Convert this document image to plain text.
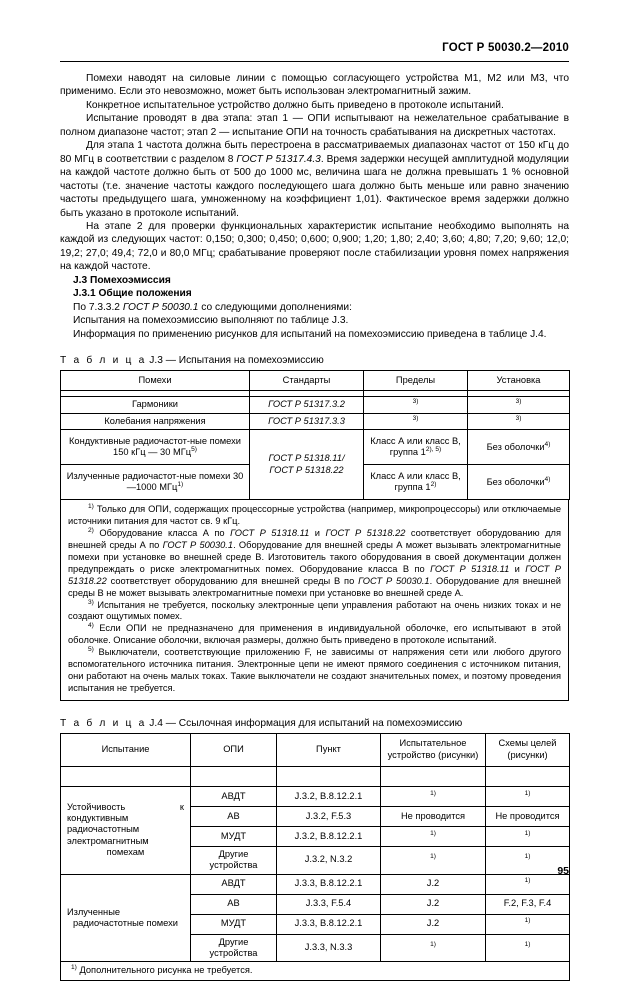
ГОСТ Р 50030.2—2010

Помехи наводят на силовые линии с помощью согласующего устройства М1, М2 или М3, что применимо. Если это невозможно, может быть использован электромагнитный зажим.

Конкретное испытательное устройство должно быть приведено в протоколе испытаний.

Испытание проводят в два этапа: этап 1 — ОПИ испытывают на нежелательное срабатывание в полном диапазоне частот; этап 2 — испытание ОПИ на точность срабатывания на дискретных частотах.

Для этапа 1 частота должна быть перестроена в рассматриваемых диапазонах частот от 150 кГц до 80 МГц в соответствии с разделом 8 ГОСТ Р 51317.4.3. Время задержки несущей амплитудной модуляции на каждой частоте должно быть от 500 до 1000 мс, величина шага не должна превышать 1 % основной частоты (т.е. значение частоты каждого последующего шага должно быть меньше или равно значению частоты предыдущего шага, умноженному на коэффициент 1,01). Фактическое время задержки должно быть указано в протоколе испытаний.

На этапе 2 для проверки функциональных характеристик испытание необходимо выполнять на каждой из следующих частот: 0,150; 0,300; 0,450; 0,600; 0,900; 1,20; 1,80; 2,40; 3,60; 4,80; 7,20; 9,60; 12,0; 19,2; 27,0; 49,4; 72,0 и 80,0 МГц; срабатывание проверяют после стабилизации уровня помех напряжения на каждой частоте.

J.3 Помехоэмиссия

J.3.1 Общие положения

По 7.3.3.2 ГОСТ Р 50030.1 со следующими дополнениями:

Испытания на помехоэмиссию выполняют по таблице J.3.

Информация по применению рисунков для испытаний на помехоэмиссию приведена в таблице J.4.

Т а б л и ц а J.3 — Испытания на помехоэмиссию

Помехи	Стандарты	Пределы	Установка

Гармоники	ГОСТ Р 51317.3.2	$^{3)}$	$^{3)}$
Колебания напряжения	ГОСТ Р 51317.3.3	$^{3)}$	$^{3)}$
Кондуктивные радиочастот-ные помехи 150 кГц — 30 МГц$^{5)}$	ГОСТ Р 51318.11/
ГОСТ Р 51318.22	Класс А или класс В, группа $1^{2), 5)}$	Без оболочки$^{4)}$
Излученные радиочастот-ные помехи 30 —1000 МГц$^{1)}$		Класс А или класс В, группа 1$^{2)}$	Без оболочки$^{4)}$

$^{1)}$ Только для ОПИ, содержащих процессорные устройства (например, микропроцессоры) или отключаемые источники питания для частот св. 9 кГц.

$^{2)}$ Оборудование класса А по ГОСТ Р 51318.11 и ГОСТ Р 51318.22 соответствует оборудованию для внешней среды А по ГОСТ Р 50030.1. Оборудование для внешней среды А может вызывать электромагнитные помехи при установке во внешней среде В. Изготовитель такого оборудования в своей документации должен предупреждать о риске электромагнитных помех. Оборудование класса В по ГОСТ Р 51318.11 и ГОСТ Р 51318.22 соответствует оборудованию для внешней среды В по ГОСТ Р 50030.1. Оборудование для внешней среды В не может вызывать электромагнитные помехи при установке во внешней среде А.

$^{3)}$ Испытания не требуется, поскольку электронные цепи управления работают на очень низких токах и не создают ощутимых помех.

$^{4)}$ Если ОПИ не предназначено для применения в индивидуальной оболочке, его испытывают в этой оболочке. Описание оболочки, включая размеры, должно быть приведено в протоколе испытаний.

$^{5)}$ Выключатели, соответствующие приложению F, не зависимы от напряжения сети или любого другого вспомогательного источника питания. Электронные цепи не имеют прямого соединения с источником питания, они работают на очень малых токах. Такие выключатели не создают значительных помех, и поэтому проведения испытания не требуется.

Т а б л и ц а J.4 — Ссылочная информация для испытаний на помехоэмиссию

Испытание	ОПИ	Пункт	Испытательное
устройство (рисунки)	Схемы целей
(рисунки)

Устойчивость к кондуктивным радиочастотным электромагнитным помехам	АВДТ	J.3.2, B.8.12.2.1	$^{1)}$	$^{1)}$
	АВ	J.3.2, F.5.3	Не проводится	Не проводится
	МУДТ	J.3.2, B.8.12.2.1	$^{1)}$	$^{1)}$
	Другие устройства	J.3.2, N.3.2	$^{1)}$	$^{1)}$
Излученные радиочастотные помехи	АВДТ	J.3.3, B.8.12.2.1	J.2	$^{1)}$
	АВ	J.3.3, F.5.4	J.2	F.2, F.3, F.4
	МУДТ	J.3.3, B.8.12.2.1	J.2	$^{1)}$
	Другие устройства	J.3.3, N.3.3	$^{1)}$	$^{1)}$
$^{1)}$ Дополнительного рисунка не требуется.				
95
